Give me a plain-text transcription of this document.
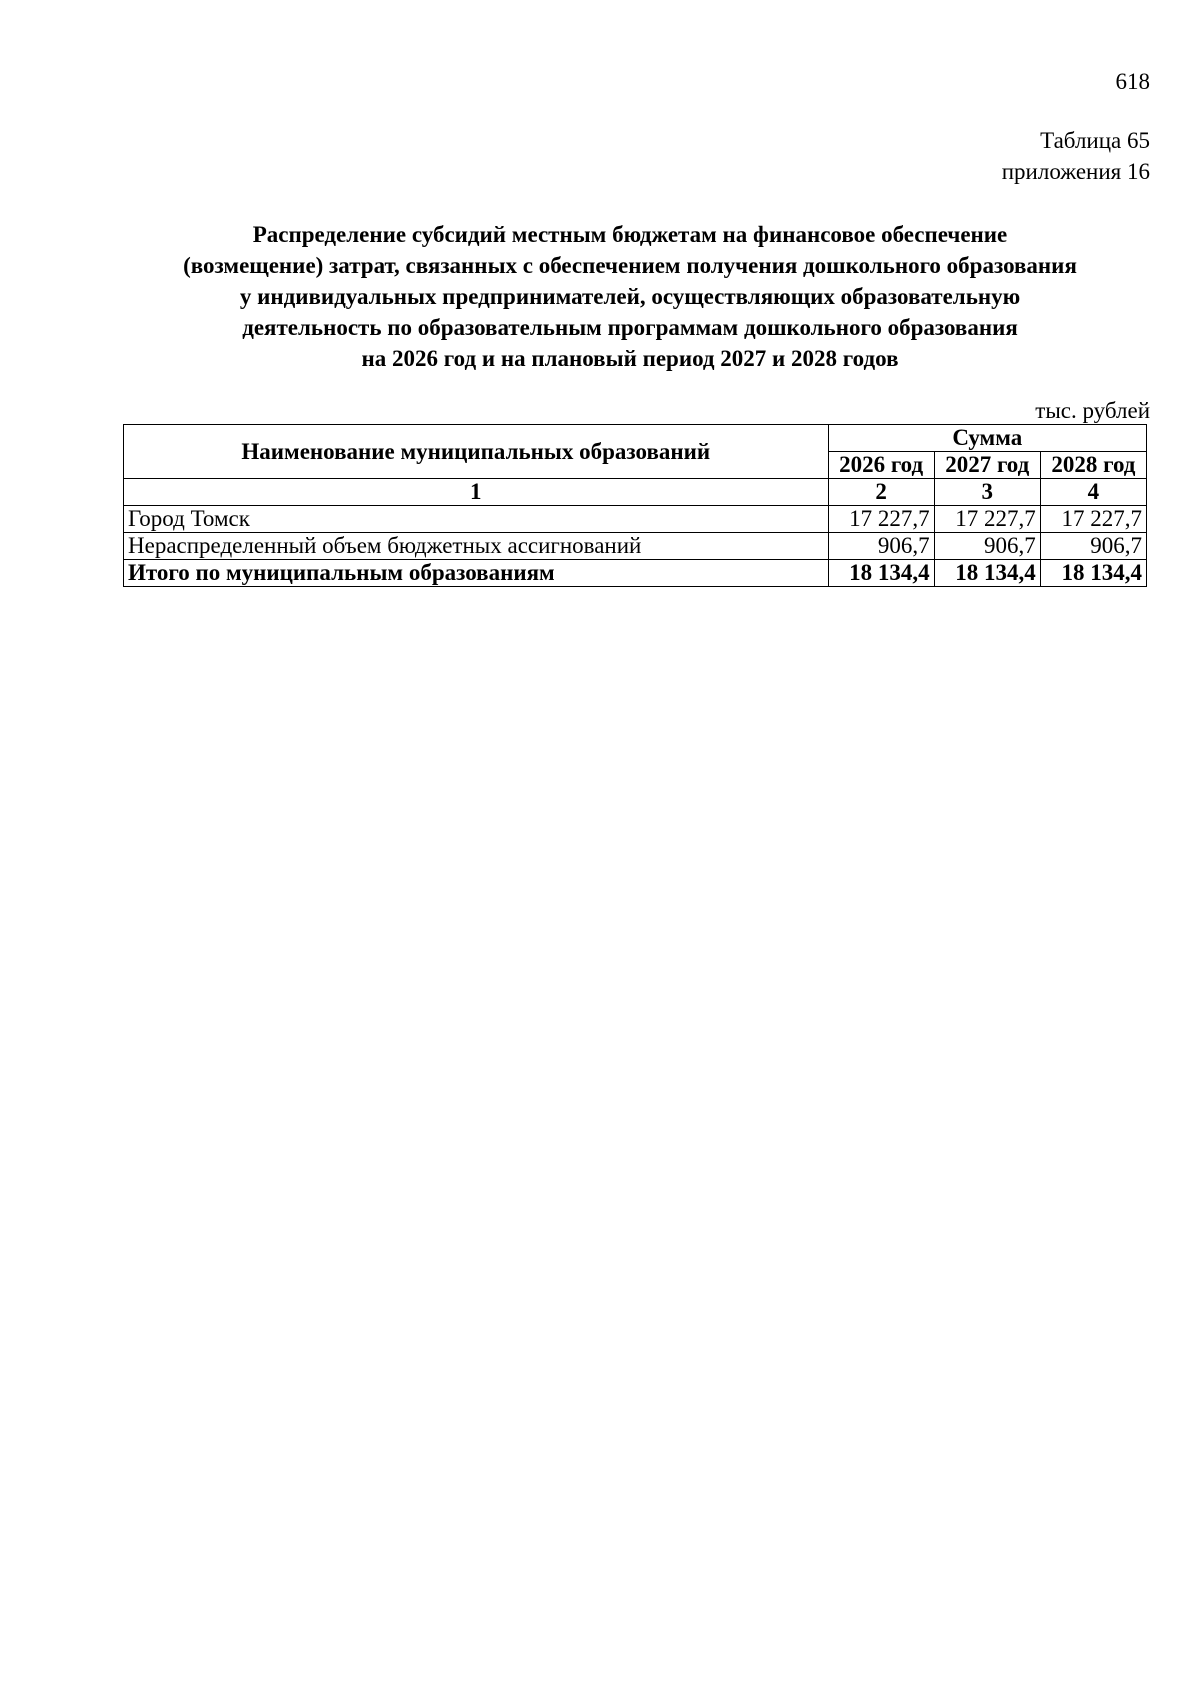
618
Таблица 65
приложения 16
Распределение субсидий местным бюджетам на финансовое обеспечение
(возмещение) затрат, связанных с обеспечением получения дошкольного образования
у индивидуальных предпринимателей, осуществляющих образовательную
деятельность по образовательным программам дошкольного образования
на 2026 год и на плановый период 2027 и 2028 годов
тыс. рублей
Наименование муниципальных образований	Сумма		
	2026 год	2027 год	2028 год
1	2	3	4
Город Томск	17 227,7	17 227,7	17 227,7
Нераспределенный объем бюджетных ассигнований	906,7	906,7	906,7
Итого по муниципальным образованиям	18 134,4	18 134,4	18 134,4
